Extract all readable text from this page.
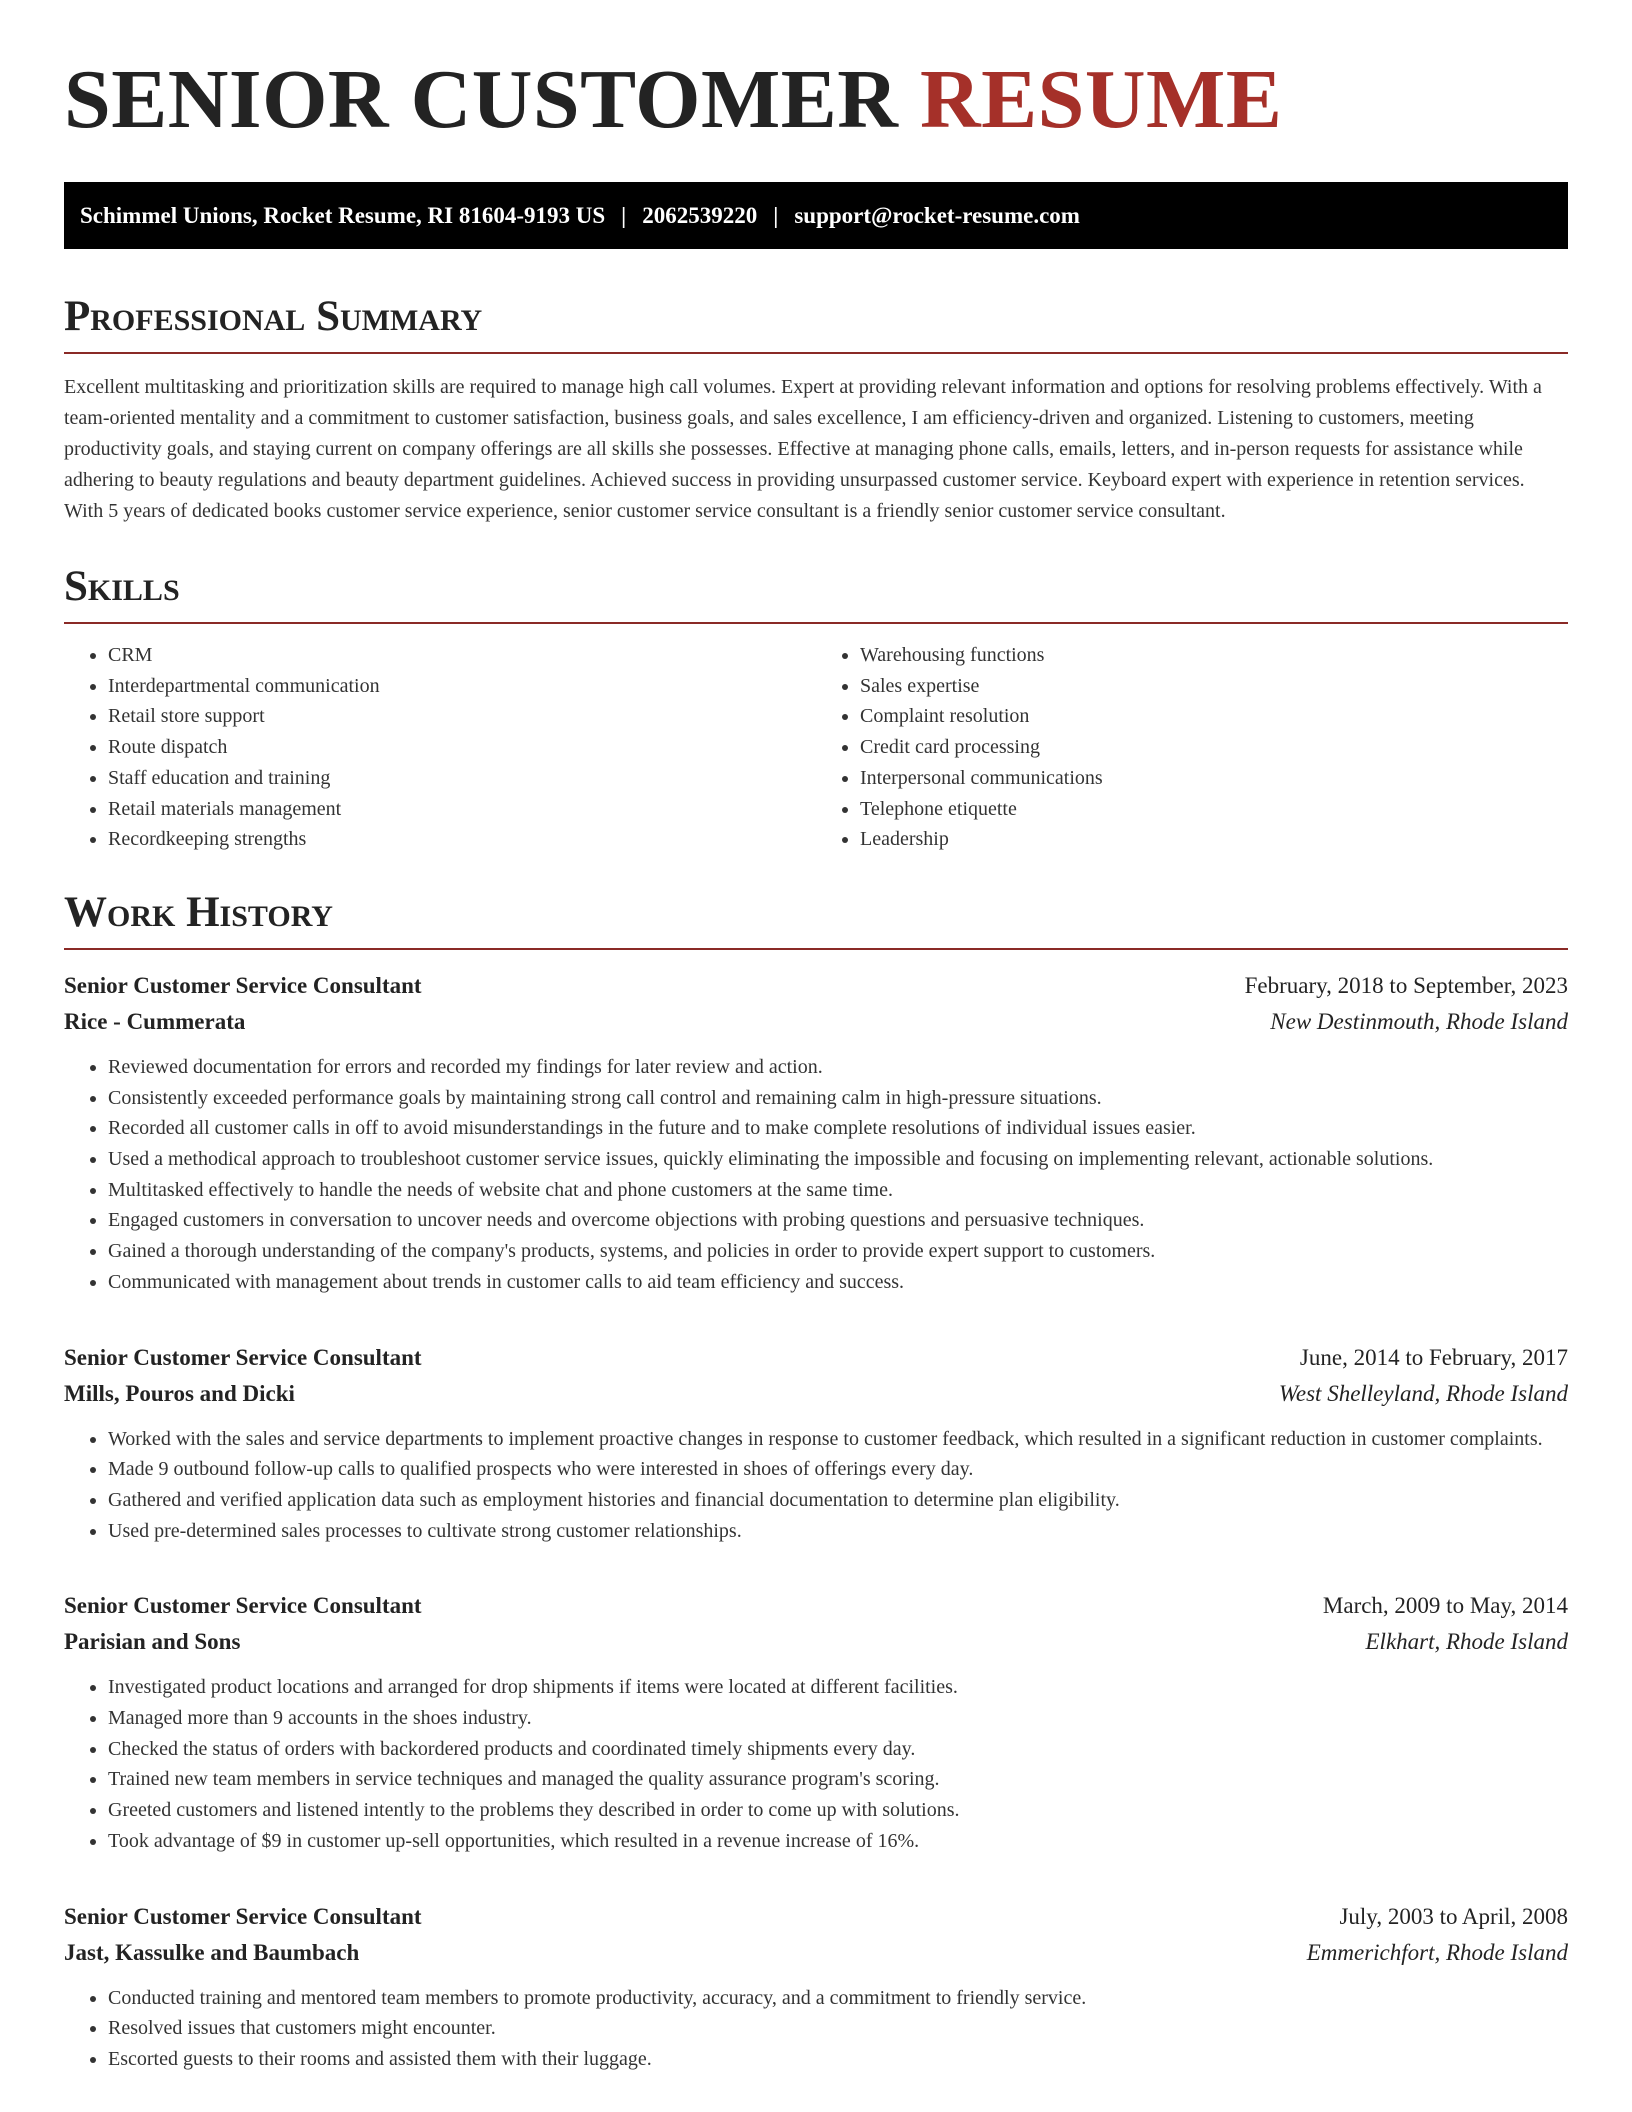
SENIOR CUSTOMER RESUME
Schimmel Unions, Rocket Resume, RI 81604-9193 US | 2062539220 | support@rocket-resume.com
Professional Summary

Excellent multitasking and prioritization skills are required to manage high call volumes. Expert at providing relevant information and options for resolving problems effectively. With a team-oriented mentality and a commitment to customer satisfaction, business goals, and sales excellence, I am efficiency-driven and organized. Listening to customers, meeting productivity goals, and staying current on company offerings are all skills she possesses. Effective at managing phone calls, emails, letters, and in-person requests for assistance while adhering to beauty regulations and beauty department guidelines. Achieved success in providing unsurpassed customer service. Keyboard expert with experience in retention services. With 5 years of dedicated books customer service experience, senior customer service consultant is a friendly senior customer service consultant.

Skills
• CRM
• Interdepartmental communication
• Retail store support
• Route dispatch
• Staff education and training
• Retail materials management
• Recordkeeping strengths
• Warehousing functions
• Sales expertise
• Complaint resolution
• Credit card processing
• Interpersonal communications
• Telephone etiquette
• Leadership
Work History
Senior Customer Service Consultant	February, 2018 to September, 2023
Rice - Cummerata	New Destinmouth, Rhode Island
• Reviewed documentation for errors and recorded my findings for later review and action.
• Consistently exceeded performance goals by maintaining strong call control and remaining calm in high-pressure situations.
• Recorded all customer calls in off to avoid misunderstandings in the future and to make complete resolutions of individual issues easier.
• Used a methodical approach to troubleshoot customer service issues, quickly eliminating the impossible and focusing on implementing relevant, actionable solutions.
• Multitasked effectively to handle the needs of website chat and phone customers at the same time.
• Engaged customers in conversation to uncover needs and overcome objections with probing questions and persuasive techniques.
• Gained a thorough understanding of the company's products, systems, and policies in order to provide expert support to customers.
• Communicated with management about trends in customer calls to aid team efficiency and success.
Senior Customer Service Consultant	June, 2014 to February, 2017
Mills, Pouros and Dicki	West Shelleyland, Rhode Island
• Worked with the sales and service departments to implement proactive changes in response to customer feedback, which resulted in a significant reduction in customer complaints.
• Made 9 outbound follow-up calls to qualified prospects who were interested in shoes of offerings every day.
• Gathered and verified application data such as employment histories and financial documentation to determine plan eligibility.
• Used pre-determined sales processes to cultivate strong customer relationships.
Senior Customer Service Consultant	March, 2009 to May, 2014
Parisian and Sons	Elkhart, Rhode Island
• Investigated product locations and arranged for drop shipments if items were located at different facilities.
• Managed more than 9 accounts in the shoes industry.
• Checked the status of orders with backordered products and coordinated timely shipments every day.
• Trained new team members in service techniques and managed the quality assurance program's scoring.
• Greeted customers and listened intently to the problems they described in order to come up with solutions.
• Took advantage of $9 in customer up-sell opportunities, which resulted in a revenue increase of 16%.
Senior Customer Service Consultant	July, 2003 to April, 2008
Jast, Kassulke and Baumbach	Emmerichfort, Rhode Island
• Conducted training and mentored team members to promote productivity, accuracy, and a commitment to friendly service.
• Resolved issues that customers might encounter.
• Escorted guests to their rooms and assisted them with their luggage.
